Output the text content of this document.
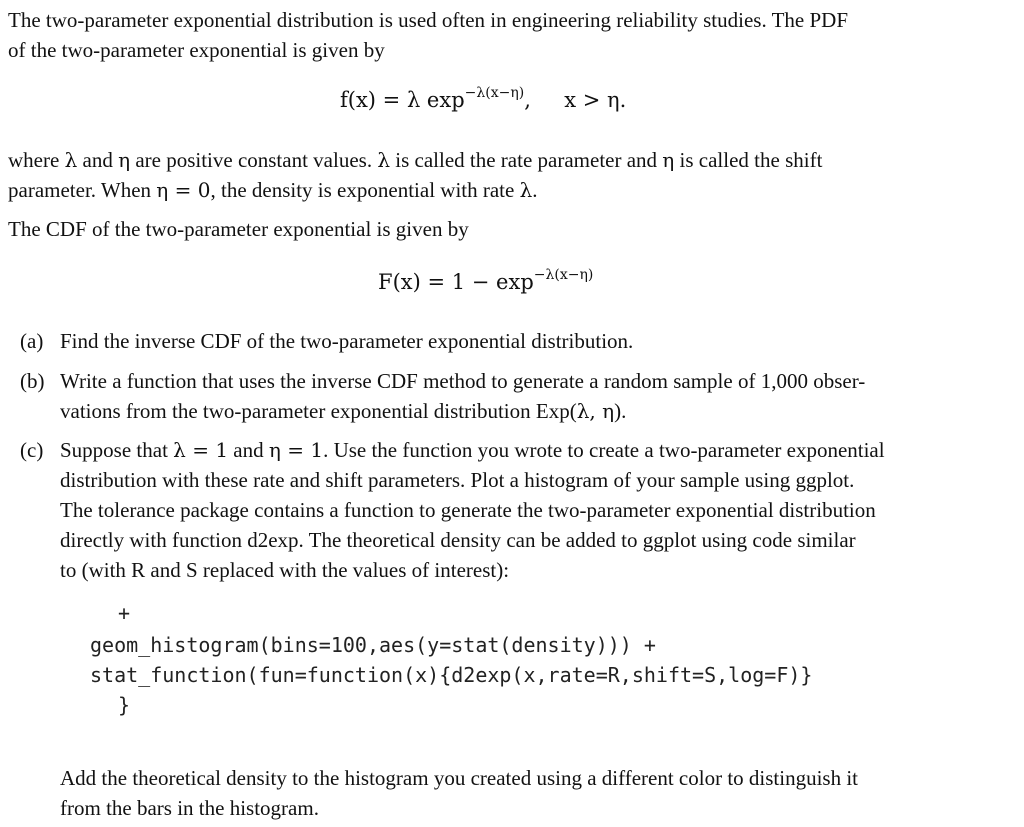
The two-parameter exponential distribution is used often in engineering reliability studies. The PDF
of the two-parameter exponential is given by
f(x) = λ $\exp^{-\lambda(x-\eta)}$,     x > η.
where λ and η are positive constant values. λ is called the rate parameter and η is called the shift
parameter. When η = 0, the density is exponential with rate λ.
The CDF of the two-parameter exponential is given by
$F(x) = 1 - \exp^{-\lambda(x-\eta)}$
(a) Find the inverse CDF of the two-parameter exponential distribution.
(b) Write a function that uses the inverse CDF method to generate a random sample of 1,000 obser-
vations from the two-parameter exponential distribution Exp(λ, η).
(c) Suppose that λ = 1 and η = 1. Use the function you wrote to create a two-parameter exponential
distribution with these rate and shift parameters. Plot a histogram of your sample using ggplot.
The tolerance package contains a function to generate the two-parameter exponential distribution
directly with function d2exp. The theoretical density can be added to ggplot using code similar
to (with R and S replaced with the values of interest):
+
geom_histogram(bins=100,aes(y=stat(density))) +
stat_function(fun=function(x){d2exp(x,rate=R,shift=S,log=F)}
}
Add the theoretical density to the histogram you created using a different color to distinguish it
from the bars in the histogram.
